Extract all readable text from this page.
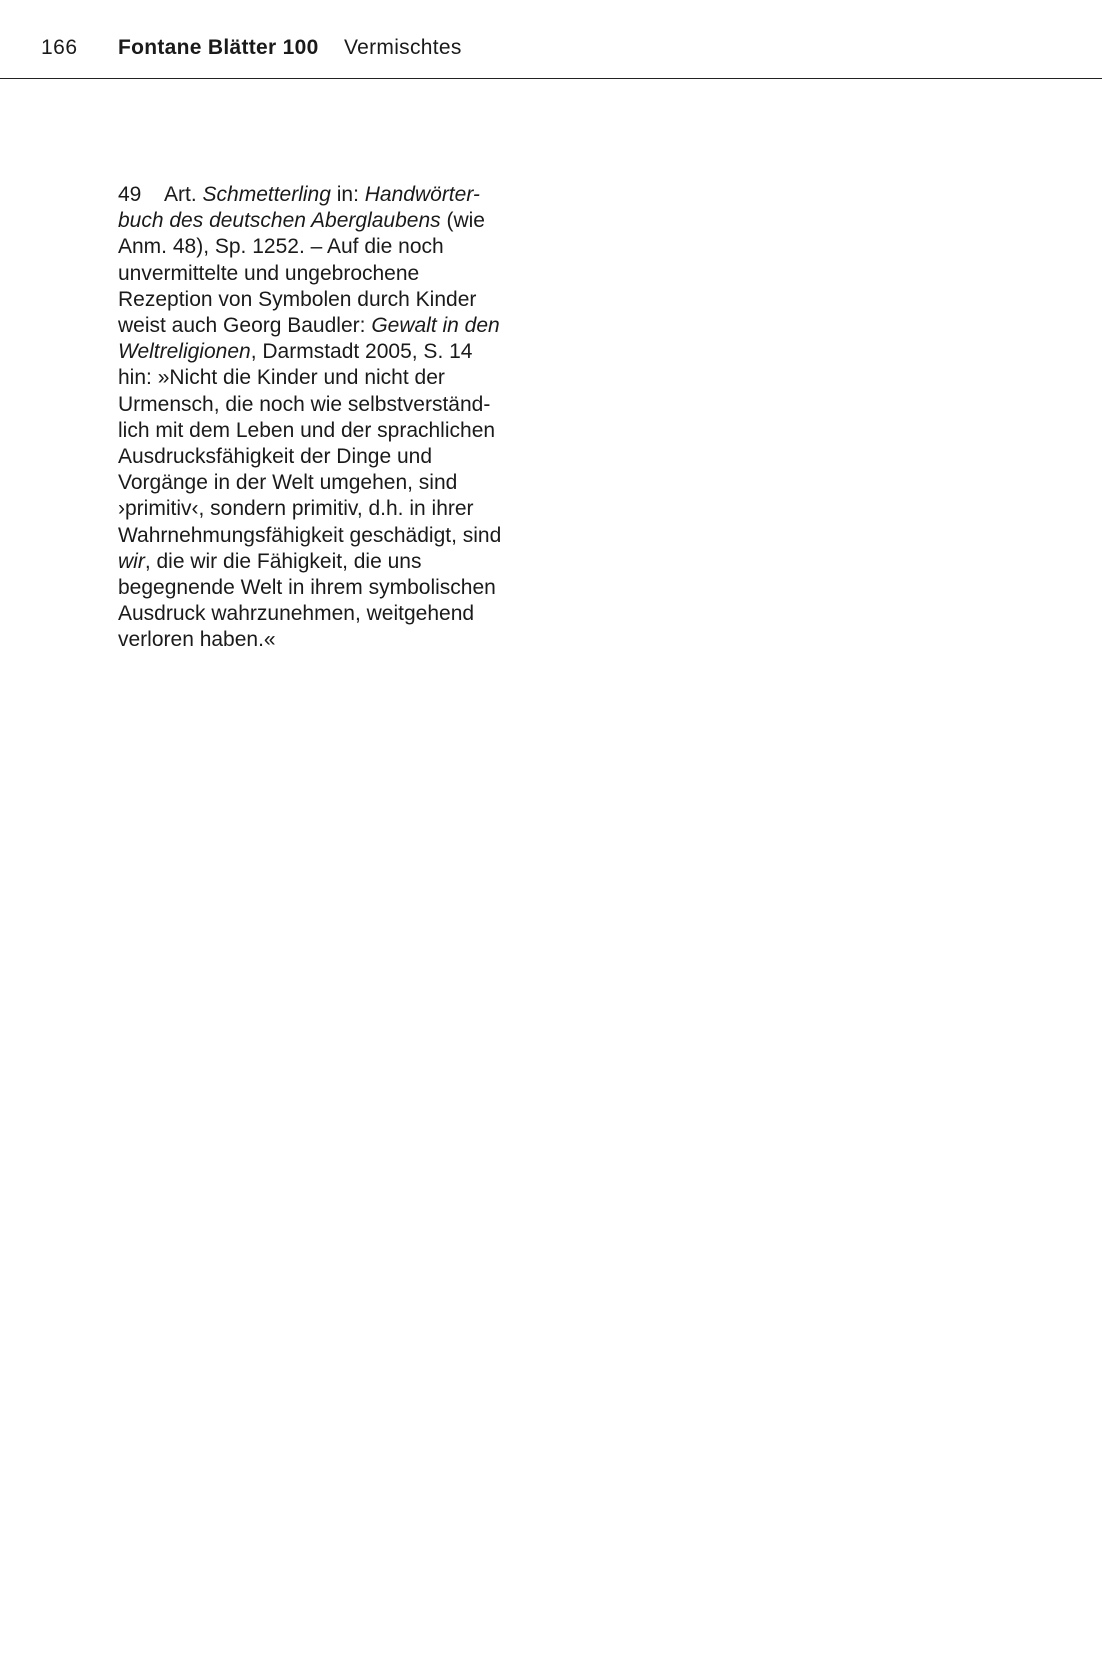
166 Fontane Blätter 100 Vermischtes
49 Art. Schmetterling in: Handwörter-
buch des deutschen Aberglaubens (wie
Anm. 48), Sp. 1252. – Auf die noch
unvermittelte und ungebrochene
Rezeption von Symbolen durch Kinder
weist auch Georg Baudler: Gewalt in den
Weltreligionen, Darmstadt 2005, S. 14
hin: »Nicht die Kinder und nicht der
Urmensch, die noch wie selbstverständ-
lich mit dem Leben und der sprachlichen
Ausdrucksfähigkeit der Dinge und
Vorgänge in der Welt umgehen, sind
›primitiv‹, sondern primitiv, d.h. in ihrer
Wahrnehmungsfähigkeit geschädigt, sind
wir, die wir die Fähigkeit, die uns
begegnende Welt in ihrem symbolischen
Ausdruck wahrzunehmen, weitgehend
verloren haben.«
